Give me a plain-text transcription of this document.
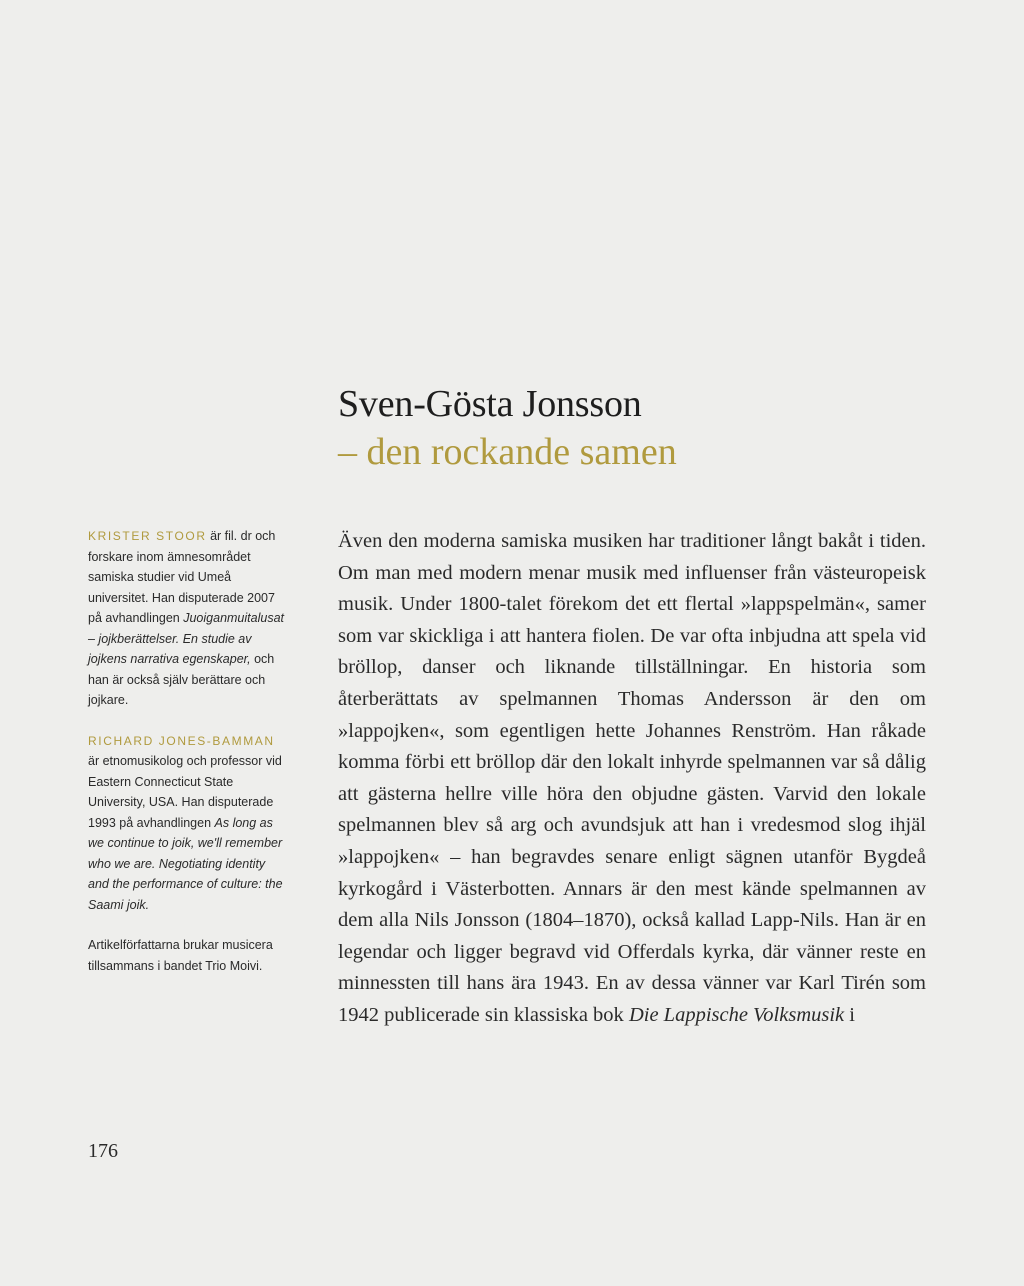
Sven-Gösta Jonsson
– den rockande samen

KRISTER STOOR är fil. dr och forskare inom ämnesområdet samiska studier vid Umeå universitet. Han disputerade 2007 på avhandlingen Juoiganmuitalusat – jojkberättelser. En studie av jojkens narrativa egenskaper, och han är också själv berättare och jojkare.

RICHARD JONES-BAMMAN är etnomusikolog och professor vid Eastern Connecticut State University, USA. Han disputerade 1993 på avhandlingen As long as we continue to joik, we'll remember who we are. Negotiating identity and the performance of culture: the Saami joik.

Artikelförfattarna brukar musicera tillsammans i bandet Trio Moivi.

Även den moderna samiska musiken har traditioner långt bakåt i tiden. Om man med modern menar musik med influenser från västeuropeisk musik. Under 1800-talet förekom det ett flertal »lappspelmän«, samer som var skickliga i att hantera fiolen. De var ofta inbjudna att spela vid bröllop, danser och liknande tillställningar. En historia som återberättats av spelmannen Thomas Andersson är den om »lappojken«, som egentligen hette Johannes Renström. Han råkade komma förbi ett bröllop där den lokalt inhyrde spelmannen var så dålig att gästerna hellre ville höra den objudne gästen. Varvid den lokale spelmannen blev så arg och avundsjuk att han i vredesmod slog ihjäl »lappojken« – han begravdes senare enligt sägnen utanför Bygdeå kyrkogård i Västerbotten. Annars är den mest kände spelmannen av dem alla Nils Jonsson (1804–1870), också kallad Lapp-Nils. Han är en legendar och ligger begravd vid Offerdals kyrka, där vänner reste en minnessten till hans ära 1943. En av dessa vänner var Karl Tirén som 1942 publicerade sin klassiska bok Die Lappische Volksmusik i

176
